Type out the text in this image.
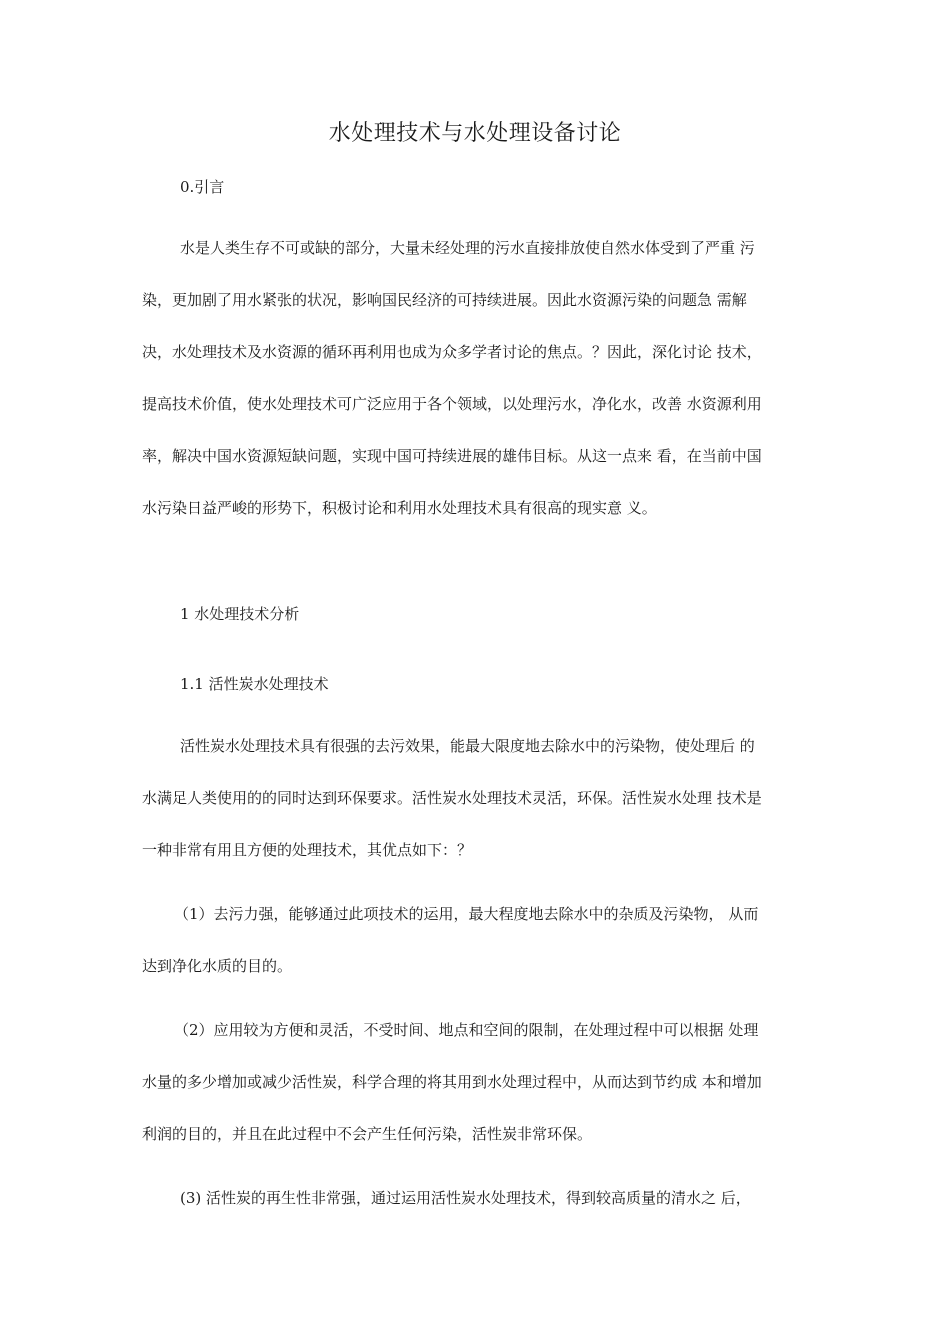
水处理技术与水处理设备讨论
0.引言

水是人类生存不可或缺的部分，大量未经处理的污水直接排放使自然水体受到了严重 污
染，更加剧了用水紧张的状况，影响国民经济的可持续进展。因此水资源污染的问题急 需解
决，水处理技术及水资源的循环再利用也成为众多学者讨论的焦点。？因此，深化讨论 技术，
提高技术价值，使水处理技术可广泛应用于各个领域，以处理污水，净化水，改善 水资源利用
率，解决中国水资源短缺问题，实现中国可持续进展的雄伟目标。从这一点来 看，在当前中国
水污染日益严峻的形势下，积极讨论和利用水处理技术具有很高的现实意 义。

1 水处理技术分析
1.1 活性炭水处理技术

活性炭水处理技术具有很强的去污效果，能最大限度地去除水中的污染物，使处理后 的
水满足人类使用的的同时达到环保要求。活性炭水处理技术灵活，环保。活性炭水处理 技术是
一种非常有用且方便的处理技术，其优点如下：？

（1）去污力强，能够通过此项技术的运用，最大程度地去除水中的杂质及污染物， 从而
达到净化水质的目的。

（2）应用较为方便和灵活，不受时间、地点和空间的限制，在处理过程中可以根据 处理
水量的多少增加或减少活性炭，科学合理的将其用到水处理过程中，从而达到节约成 本和增加
利润的目的，并且在此过程中不会产生任何污染，活性炭非常环保。

(3) 活性炭的再生性非常强，通过运用活性炭水处理技术，得到较高质量的清水之 后，
